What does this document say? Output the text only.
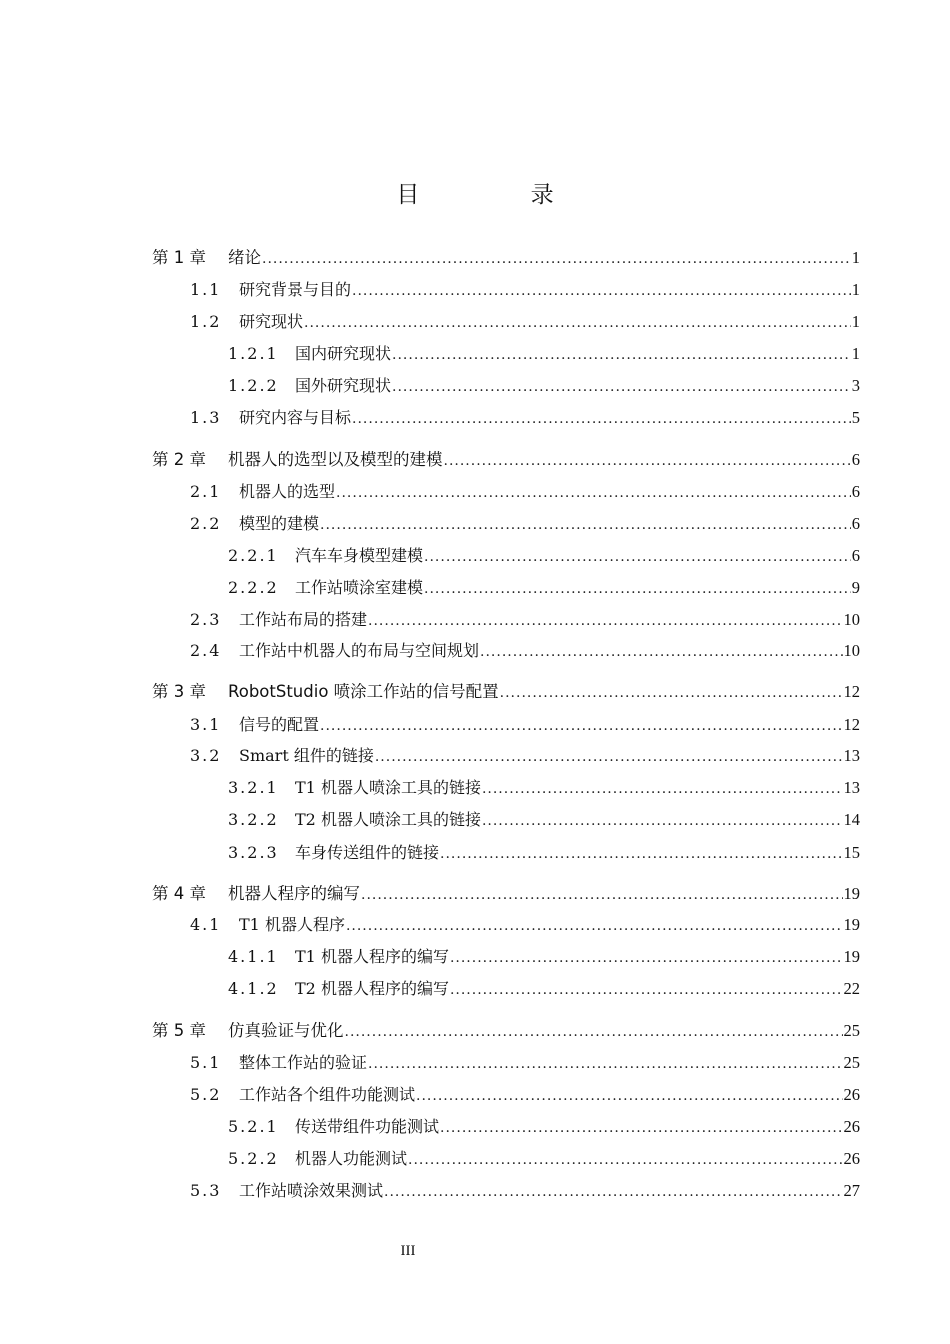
目 录
第 1 章	绪论 .....	1
1.1	研究背景与目的 .....	1
1.2	研究现状 .....	1
1.2.1	国内研究现状 .....	1
1.2.2	国外研究现状 .....	3
1.3	研究内容与目标 .....	5
第 2 章	机器人的选型以及模型的建模 .....	6
2.1	机器人的选型 .....	6
2.2	模型的建模 .....	6
2.2.1	汽车车身模型建模 .....	6
2.2.2	工作站喷涂室建模 .....	9
2.3	工作站布局的搭建 .....	10
2.4	工作站中机器人的布局与空间规划 .....	10
第 3 章	RobotStudio 喷涂工作站的信号配置 .....	12
3.1	信号的配置 .....	12
3.2	Smart 组件的链接 .....	13
3.2.1	T1 机器人喷涂工具的链接 .....	13
3.2.2	T2 机器人喷涂工具的链接 .....	14
3.2.3	车身传送组件的链接 .....	15
第 4 章	机器人程序的编写 .....	19
4.1	T1 机器人程序 .....	19
4.1.1	T1 机器人程序的编写 .....	19
4.1.2	T2 机器人程序的编写 .....	22
第 5 章	仿真验证与优化 .....	25
5.1	整体工作站的验证 .....	25
5.2	工作站各个组件功能测试 .....	26
5.2.1	传送带组件功能测试 .....	26
5.2.2	机器人功能测试 .....	26
5.3	工作站喷涂效果测试 .....	27
III
